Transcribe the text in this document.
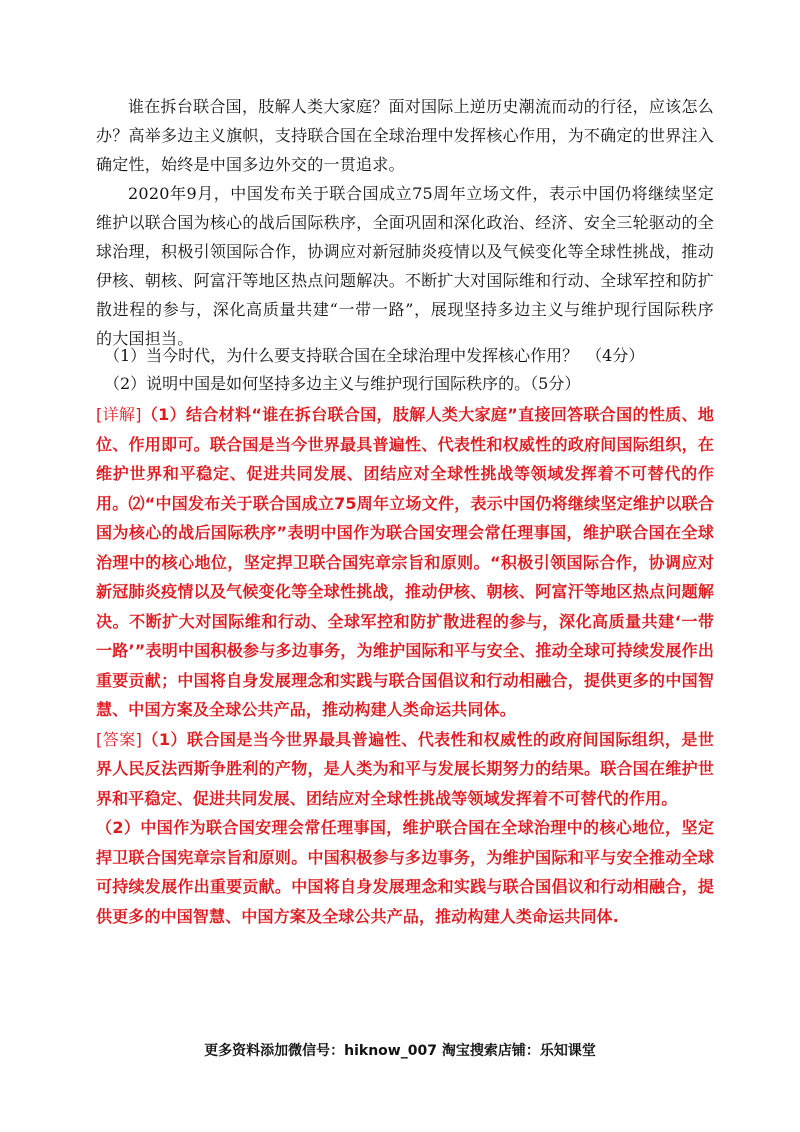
谁在拆台联合国，肢解人类大家庭？面对国际上逆历史潮流而动的行径，应该怎么办？高举多边主义旗帜，支持联合国在全球治理中发挥核心作用，为不确定的世界注入确定性，始终是中国多边外交的一贯追求。

2020年9月，中国发布关于联合国成立75周年立场文件，表示中国仍将继续坚定维护以联合国为核心的战后国际秩序，全面巩固和深化政治、经济、安全三轮驱动的全球治理，积极引领国际合作，协调应对新冠肺炎疫情以及气候变化等全球性挑战，推动伊核、朝核、阿富汗等地区热点问题解决。不断扩大对国际维和行动、全球军控和防扩散进程的参与，深化高质量共建“一带一路”，展现坚持多边主义与维护现行国际秩序的大国担当。

（1）当今时代，为什么要支持联合国在全球治理中发挥核心作用？　（4分）

（2）说明中国是如何坚持多边主义与维护现行国际秩序的。（5分）

[详解]（1）结合材料“谁在拆台联合国，肢解人类大家庭”直接回答联合国的性质、地位、作用即可。联合国是当今世界最具普遍性、代表性和权威性的政府间国际组织，在维护世界和平稳定、促进共同发展、团结应对全球性挑战等领域发挥着不可替代的作用。⑵“中国发布关于联合国成立75周年立场文件，表示中国仍将继续坚定维护以联合国为核心的战后国际秩序”表明中国作为联合国安理会常任理事国，维护联合国在全球治理中的核心地位，坚定捍卫联合国宪章宗旨和原则。“积极引领国际合作，协调应对新冠肺炎疫情以及气候变化等全球性挑战，推动伊核、朝核、阿富汗等地区热点问题解决。不断扩大对国际维和行动、全球军控和防扩散进程的参与，深化高质量共建‘一带一路’”表明中国积极参与多边事务，为维护国际和平与安全、推动全球可持续发展作出重要贡献；中国将自身发展理念和实践与联合国倡议和行动相融合，提供更多的中国智慧、中国方案及全球公共产品，推动构建人类命运共同体。

[答案]（1）联合国是当今世界最具普遍性、代表性和权威性的政府间国际组织，是世界人民反法西斯争胜利的产物，是人类为和平与发展长期努力的结果。联合国在维护世界和平稳定、促进共同发展、团结应对全球性挑战等领域发挥着不可替代的作用。

（2）中国作为联合国安理会常任理事国，维护联合国在全球治理中的核心地位，坚定捍卫联合国宪章宗旨和原则。中国积极参与多边事务，为维护国际和平与安全推动全球可持续发展作出重要贡献。中国将自身发展理念和实践与联合国倡议和行动相融合，提供更多的中国智慧、中国方案及全球公共产品，推动构建人类命运共同体.

更多资料添加微信号：hiknow_007 淘宝搜索店铺：乐知课堂
